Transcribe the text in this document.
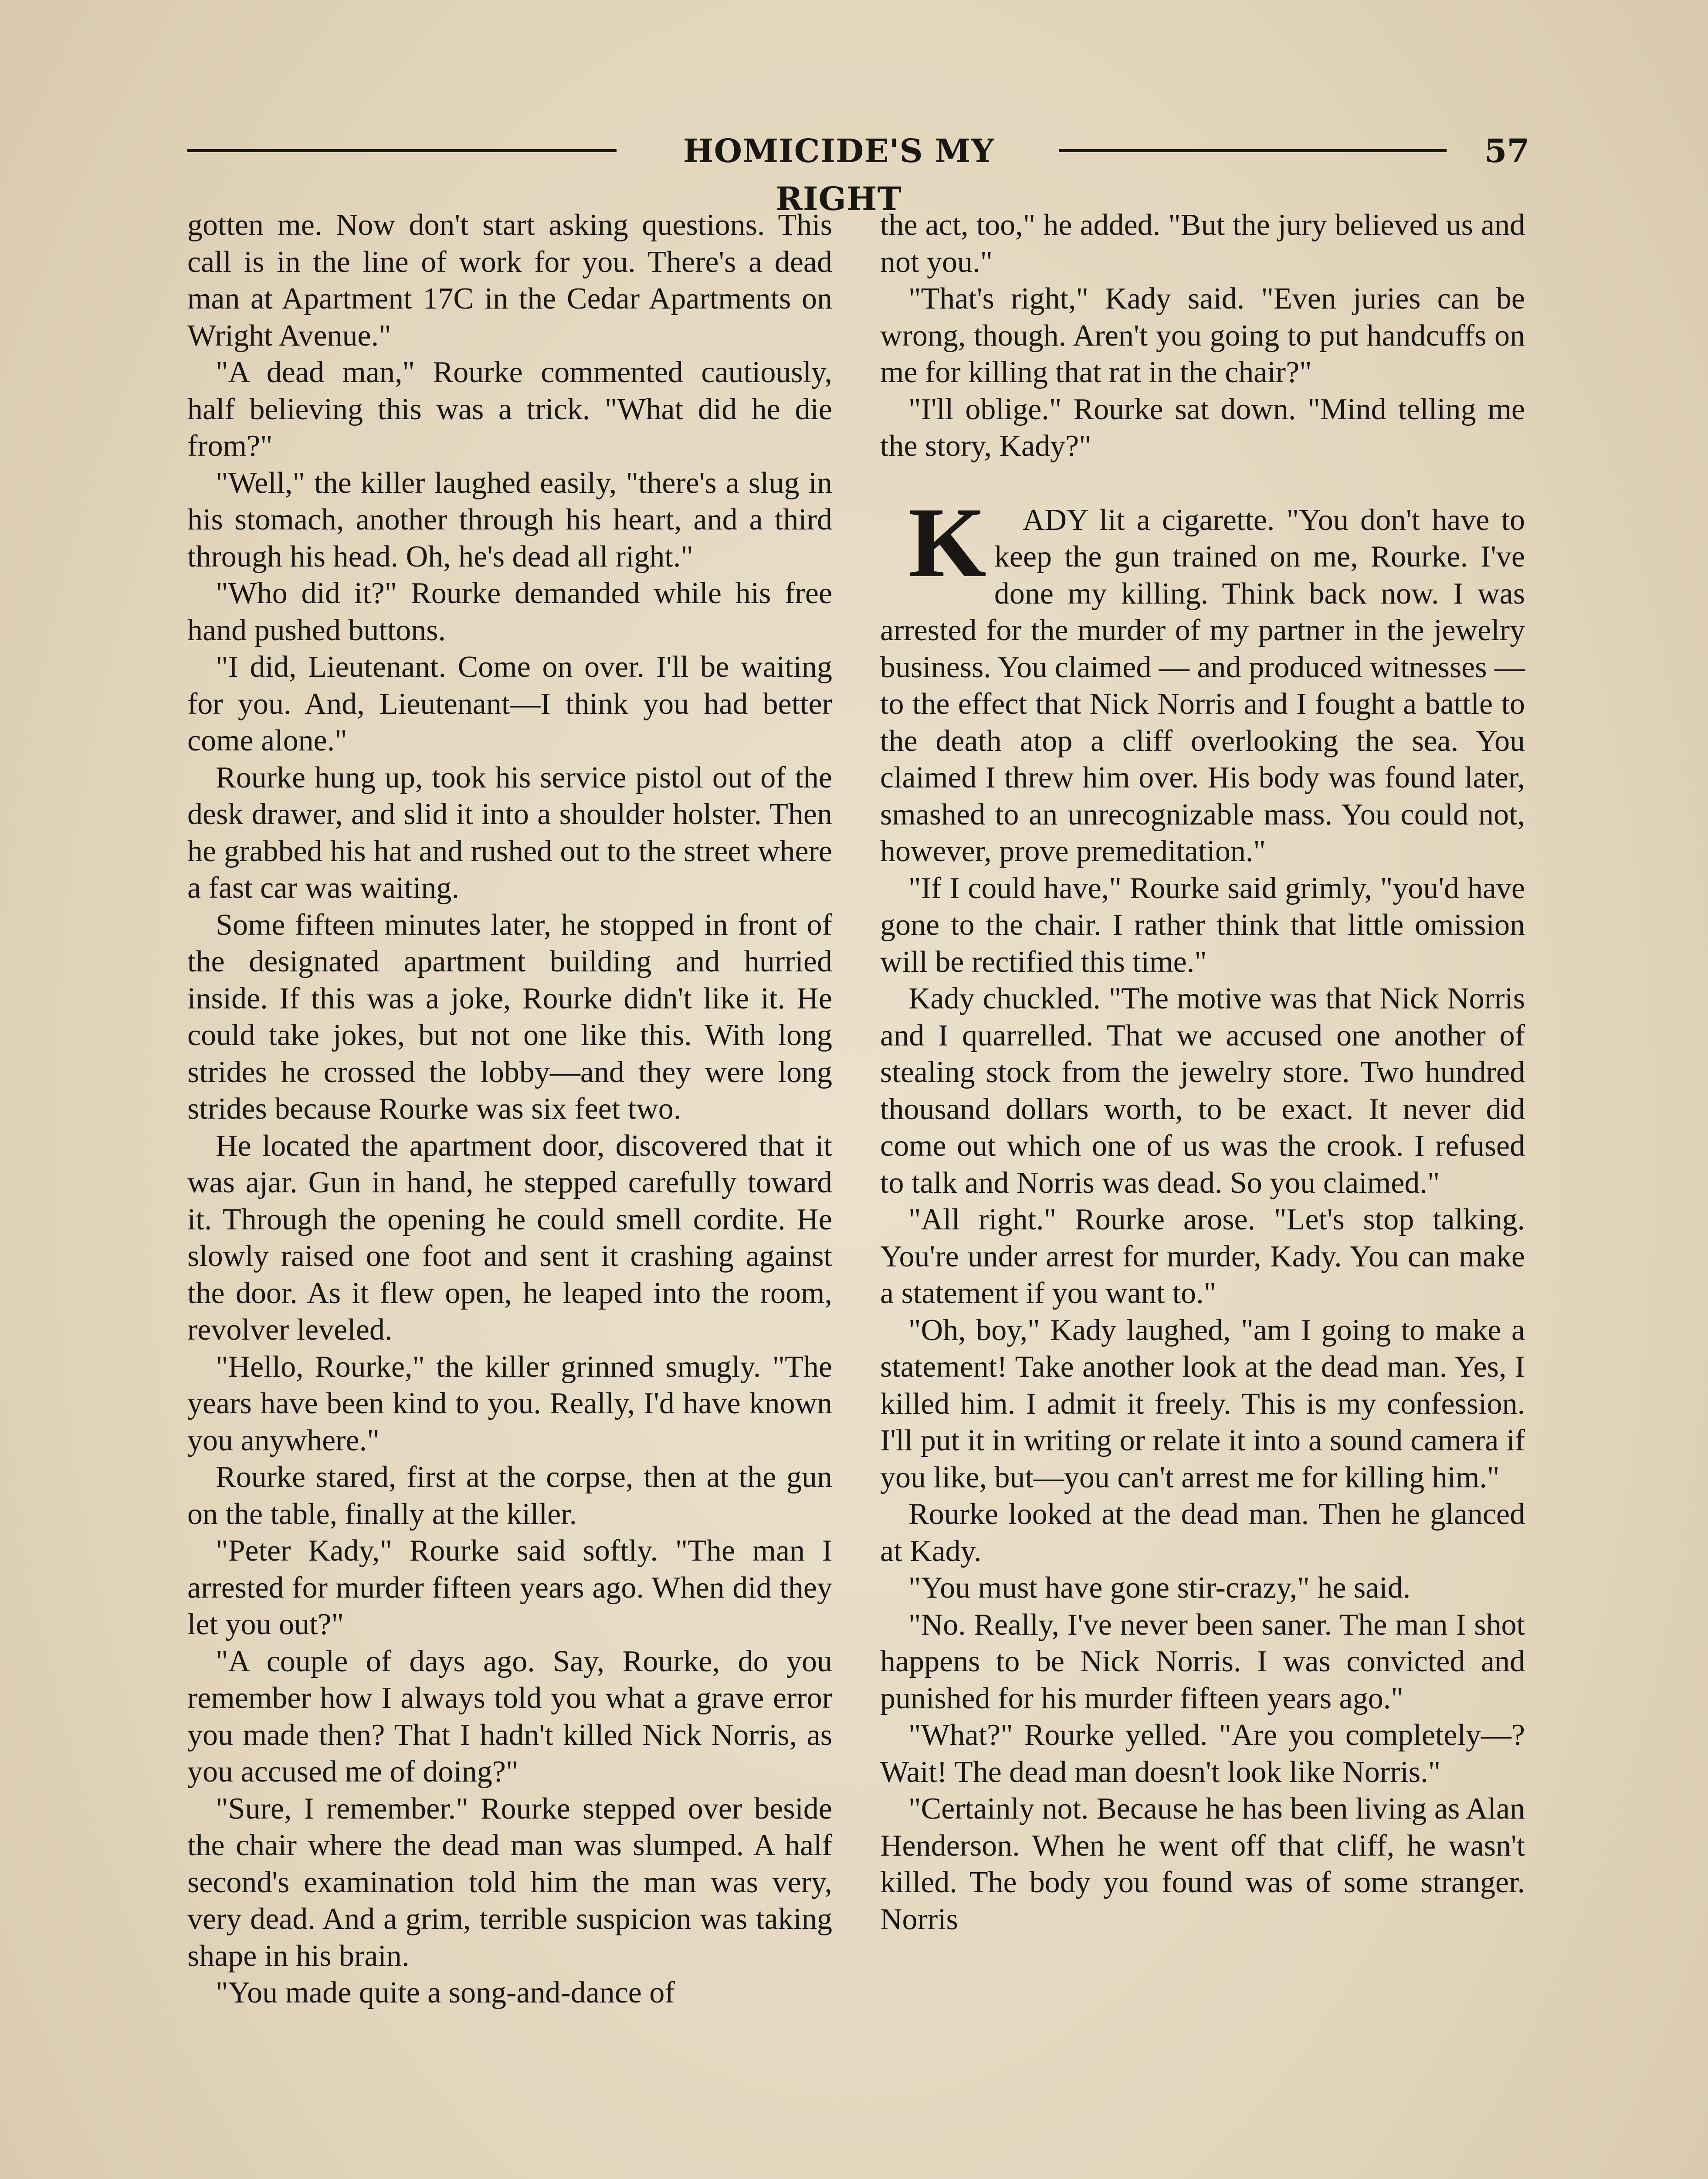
HOMICIDE'S MY RIGHT
57

gotten me. Now don't start asking questions. This call is in the line of work for you. There's a dead man at Apartment 17C in the Cedar Apartments on Wright Avenue."

"A dead man," Rourke commented cautiously, half believing this was a trick. "What did he die from?"

"Well," the killer laughed easily, "there's a slug in his stomach, another through his heart, and a third through his head. Oh, he's dead all right."

"Who did it?" Rourke demanded while his free hand pushed buttons.

"I did, Lieutenant. Come on over. I'll be waiting for you. And, Lieutenant—I think you had better come alone."

Rourke hung up, took his service pistol out of the desk drawer, and slid it into a shoulder holster. Then he grabbed his hat and rushed out to the street where a fast car was waiting.

Some fifteen minutes later, he stopped in front of the designated apartment building and hurried inside. If this was a joke, Rourke didn't like it. He could take jokes, but not one like this. With long strides he crossed the lobby—and they were long strides because Rourke was six feet two.

He located the apartment door, discovered that it was ajar. Gun in hand, he stepped carefully toward it. Through the opening he could smell cordite. He slowly raised one foot and sent it crashing against the door. As it flew open, he leaped into the room, revolver leveled.

"Hello, Rourke," the killer grinned smugly. "The years have been kind to you. Really, I'd have known you anywhere."

Rourke stared, first at the corpse, then at the gun on the table, finally at the killer.

"Peter Kady," Rourke said softly. "The man I arrested for murder fifteen years ago. When did they let you out?"

"A couple of days ago. Say, Rourke, do you remember how I always told you what a grave error you made then? That I hadn't killed Nick Norris, as you accused me of doing?"

"Sure, I remember." Rourke stepped over beside the chair where the dead man was slumped. A half second's examination told him the man was very, very dead. And a grim, terrible suspicion was taking shape in his brain.

"You made quite a song-and-dance of

the act, too," he added. "But the jury believed us and not you."

"That's right," Kady said. "Even juries can be wrong, though. Aren't you going to put handcuffs on me for killing that rat in the chair?"

"I'll oblige." Rourke sat down. "Mind telling me the story, Kady?"

K ADY lit a cigarette. "You don't have to keep the gun trained on me, Rourke. I've done my killing. Think back now. I was arrested for the murder of my partner in the jewelry business. You claimed — and produced witnesses — to the effect that Nick Norris and I fought a battle to the death atop a cliff overlooking the sea. You claimed I threw him over. His body was found later, smashed to an unrecognizable mass. You could not, however, prove premeditation."

"If I could have," Rourke said grimly, "you'd have gone to the chair. I rather think that little omission will be rectified this time."

Kady chuckled. "The motive was that Nick Norris and I quarrelled. That we accused one another of stealing stock from the jewelry store. Two hundred thousand dollars worth, to be exact. It never did come out which one of us was the crook. I refused to talk and Norris was dead. So you claimed."

"All right." Rourke arose. "Let's stop talking. You're under arrest for murder, Kady. You can make a statement if you want to."

"Oh, boy," Kady laughed, "am I going to make a statement! Take another look at the dead man. Yes, I killed him. I admit it freely. This is my confession. I'll put it in writing or relate it into a sound camera if you like, but—you can't arrest me for killing him."

Rourke looked at the dead man. Then he glanced at Kady.

"You must have gone stir-crazy," he said.

"No. Really, I've never been saner. The man I shot happens to be Nick Norris. I was convicted and punished for his murder fifteen years ago."

"What?" Rourke yelled. "Are you completely—? Wait! The dead man doesn't look like Norris."

"Certainly not. Because he has been living as Alan Henderson. When he went off that cliff, he wasn't killed. The body you found was of some stranger. Norris
